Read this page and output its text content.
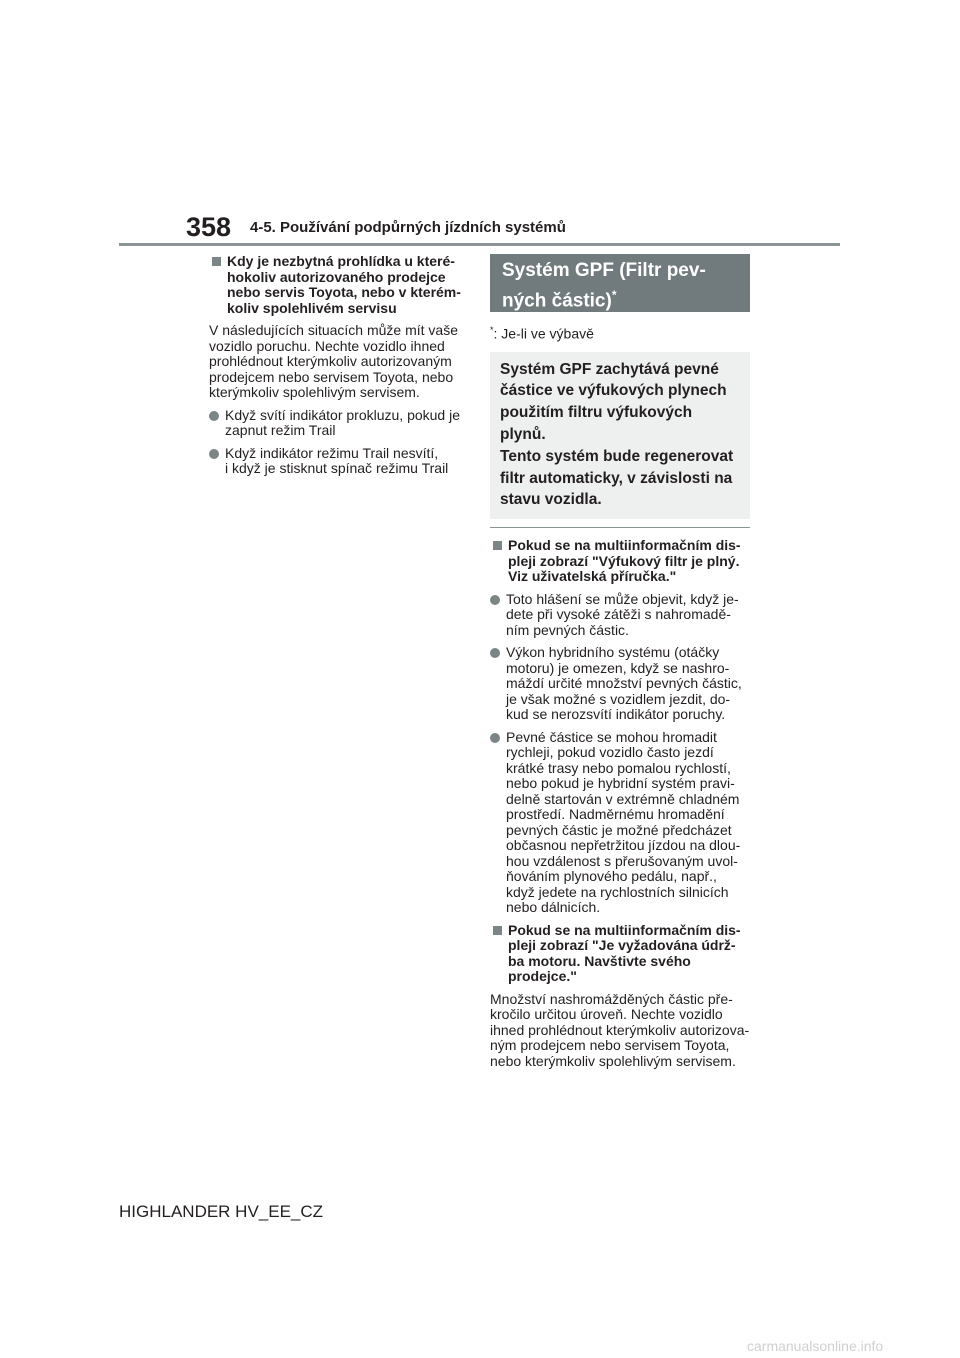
358 4-5. Používání podpůrných jízdních systémů
Kdy je nezbytná prohlídka u které-
hokoliv autorizovaného prodejce
nebo servis Toyota, nebo v kterém-
koliv spolehlivém servisu
V následujících situacích může mít vaše
vozidlo poruchu. Nechte vozidlo ihned
prohlédnout kterýmkoliv autorizovaným
prodejcem nebo servisem Toyota, nebo
kterýmkoliv spolehlivým servisem.
Když svítí indikátor prokluzu, pokud je
zapnut režim Trail
Když indikátor režimu Trail nesvítí,
i když je stisknut spínač režimu Trail
Systém GPF (Filtr pev-
ných částic)*
*: Je-li ve výbavě
Systém GPF zachytává pevné
částice ve výfukových plynech
použitím filtru výfukových plynů.
Tento systém bude regenerovat
filtr automaticky, v závislosti na
stavu vozidla.
Pokud se na multiinformačním dis-
pleji zobrazí "Výfukový filtr je plný.
Viz uživatelská příručka."
Toto hlášení se může objevit, když je-
dete při vysoké zátěži s nahromadě-
ním pevných částic.
Výkon hybridního systému (otáčky
motoru) je omezen, když se nashro-
máždí určité množství pevných částic,
je však možné s vozidlem jezdit, do-
kud se nerozsvítí indikátor poruchy.
Pevné částice se mohou hromadit
rychleji, pokud vozidlo často jezdí
krátké trasy nebo pomalou rychlostí,
nebo pokud je hybridní systém pravi-
delně startován v extrémně chladném
prostředí. Nadměrnému hromadění
pevných částic je možné předcházet
občasnou nepřetržitou jízdou na dlou-
hou vzdálenost s přerušovaným uvol-
ňováním plynového pedálu, např.,
když jedete na rychlostních silnicích
nebo dálnicích.
Pokud se na multiinformačním dis-
pleji zobrazí "Je vyžadována údrž-
ba motoru. Navštivte svého
prodejce."
Množství nashromážděných částic pře-
kročilo určitou úroveň. Nechte vozidlo
ihned prohlédnout kterýmkoliv autorizova-
ným prodejcem nebo servisem Toyota,
nebo kterýmkoliv spolehlivým servisem.
HIGHLANDER HV_EE_CZ
carmanualsonline.info
